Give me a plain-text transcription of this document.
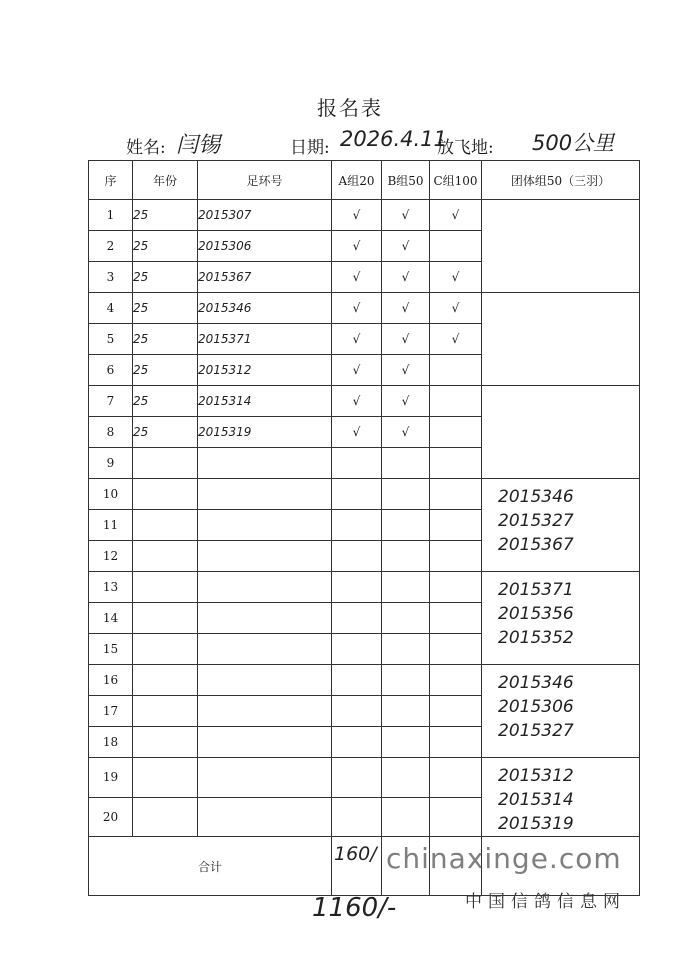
报名表
姓名: 闫锡	日期: 2026.4.11
放飞地: 500公里
序	年份	足环号	A组20	B组50	C组100	团体组50（三羽）
1	25	2015307	√	√	√	

2	25	2015306	√	√		
3	25	2015367	√	√	√	
4	25	2015346	√	√	√	

5	25	2015371	√	√	√	
6	25	2015312	√	√		
7	25	2015314	√	√		

8	25	2015319	√	√		
9						
10						2015346
2015327
2015367

11						
12						
13						2015371
2015356
2015352

14						
15						
16						2015346
2015306
2015327

17						
18						
19						2015312
2015314
2015319

20						
合计						
160/ chinaxinge.com
中国信鸽信息网
1160/-
